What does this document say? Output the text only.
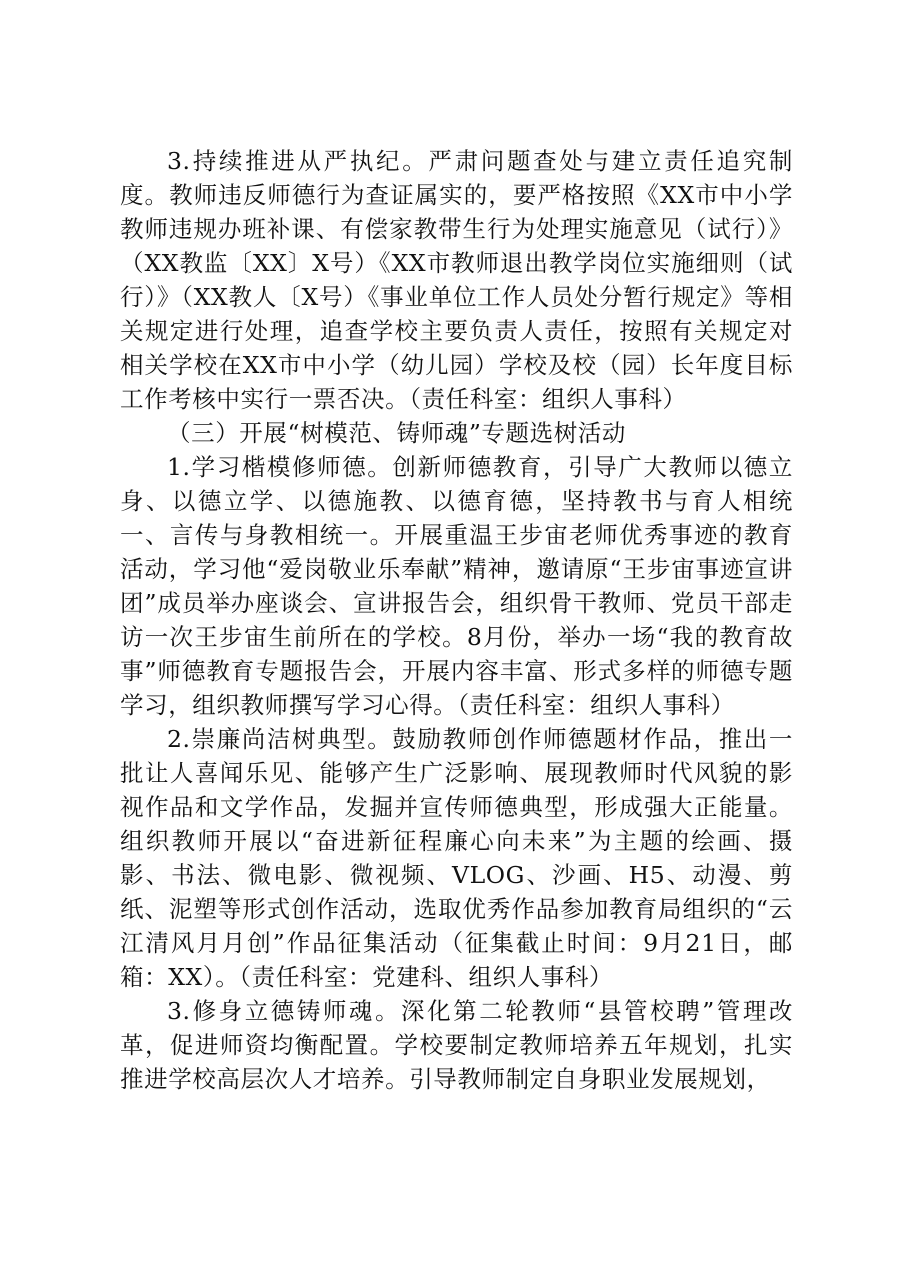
3.持续推进从严执纪。严肃问题查处与建立责任追究制度。教师违反师德行为查证属实的，要严格按照《XX市中小学教师违规办班补课、有偿家教带生行为处理实施意见（试行）》（XX教监〔XX〕X号）《XX市教师退出教学岗位实施细则（试行）》（XX教人〔X号）《事业单位工作人员处分暂行规定》等相关规定进行处理，追查学校主要负责人责任，按照有关规定对相关学校在XX市中小学（幼儿园）学校及校（园）长年度目标工作考核中实行一票否决。（责任科室：组织人事科）

（三）开展“树模范、铸师魂”专题选树活动

1.学习楷模修师德。创新师德教育，引导广大教师以德立身、以德立学、以德施教、以德育德，坚持教书与育人相统一、言传与身教相统一。开展重温王步宙老师优秀事迹的教育活动，学习他“爱岗敬业乐奉献”精神，邀请原“王步宙事迹宣讲团”成员举办座谈会、宣讲报告会，组织骨干教师、党员干部走访一次王步宙生前所在的学校。8月份，举办一场“我的教育故事”师德教育专题报告会，开展内容丰富、形式多样的师德专题学习，组织教师撰写学习心得。（责任科室：组织人事科）

2.崇廉尚洁树典型。鼓励教师创作师德题材作品，推出一批让人喜闻乐见、能够产生广泛影响、展现教师时代风貌的影视作品和文学作品，发掘并宣传师德典型，形成强大正能量。组织教师开展以“奋进新征程廉心向未来”为主题的绘画、摄影、书法、微电影、微视频、VLOG、沙画、H5、动漫、剪纸、泥塑等形式创作活动，选取优秀作品参加教育局组织的“云江清风月月创”作品征集活动（征集截止时间：9月21日，邮箱：XX）。（责任科室：党建科、组织人事科）

3.修身立德铸师魂。深化第二轮教师“县管校聘”管理改革，促进师资均衡配置。学校要制定教师培养五年规划，扎实推进学校高层次人才培养。引导教师制定自身职业发展规划，
